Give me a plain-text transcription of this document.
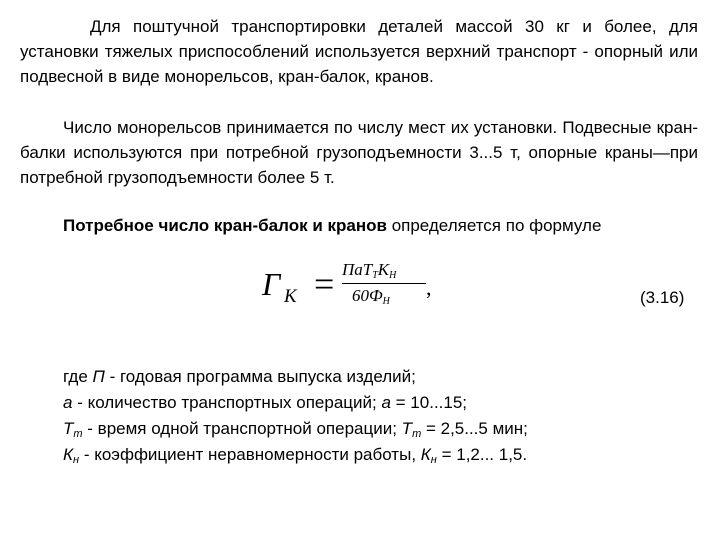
Для поштучной транспортировки деталей массой 30 кг и более, для установки тяжелых приспособлений используется верхний транспорт - опорный или подвесной в виде монорельсов, кран-балок, кранов.

Число монорельсов принимается по числу мест их установки. Подвесные кран-балки используются при потребной грузоподъемности 3...5 т, опорные краны—при потребной грузоподъемности более 5 т.

Потребное число кран-балок и кранов определяется по формуле

Г $К = ПаТ_ТК_Н$
$60Ф_Н$
,	(3.16)
где П - годовая программа выпуска изделий;
а - количество транспортных операций; а = 10...15;
$Т_т$ - время одной транспортной операции; $Т_т = 2,5...5$ мин;
$К_н$ - коэффициент неравномерности работы, $К_н = 1,2$... 1,5.
